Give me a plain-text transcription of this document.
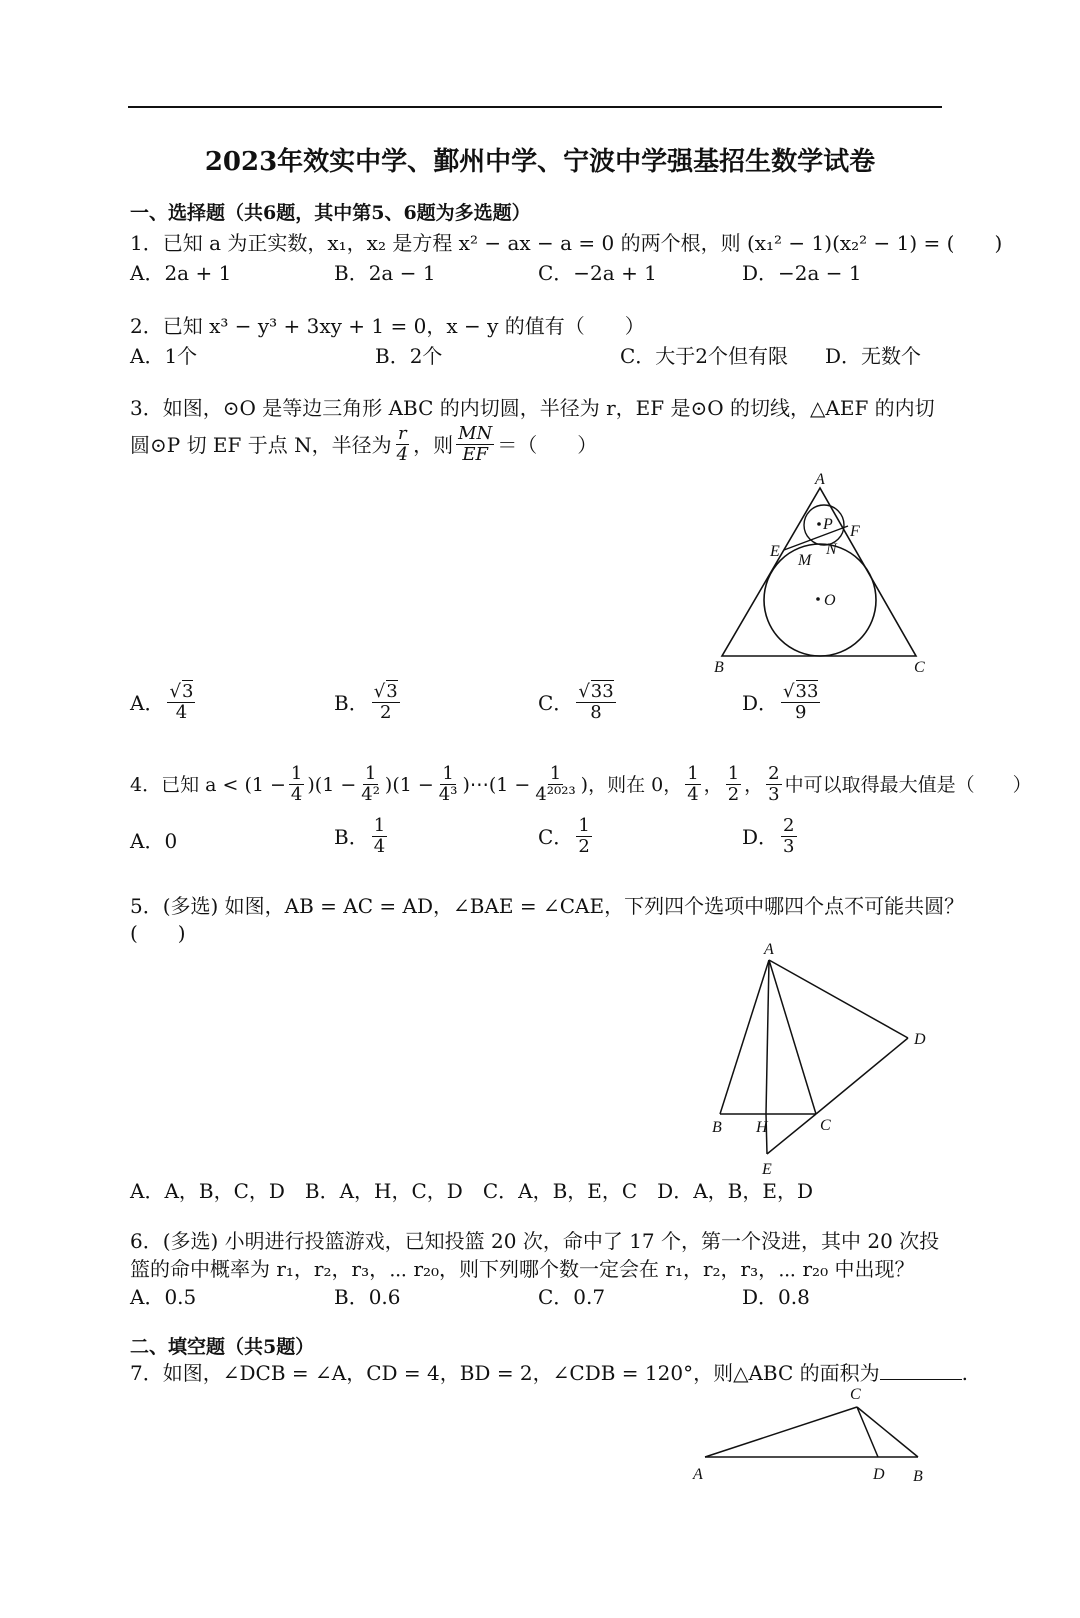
2023年效实中学、鄞州中学、宁波中学强基招生数学试卷
一、选择题（共6题，其中第5、6题为多选题）
1．已知 a 为正实数，x₁，x₂ 是方程 x² − ax − a = 0 的两个根，则 (x₁² − 1)(x₂² − 1) = (　　)
A．2a + 1	B．2a − 1	C．−2a + 1	D．−2a − 1
2．已知 x³ − y³ + 3xy + 1 = 0，x − y 的值有（　　）
A．1个	B．2个	C．大于2个但有限 D．无数个
3．如图，⊙O 是等边三角形 ABC 的内切圆，半径为 r，EF 是⊙O 的切线，△AEF 的内切
圆⊙P 切 EF 于点 N，半径为 $\frac{r}{4}$ ，则 $\frac{MN}{EF}$ ＝（　　）
A
B	C
E
F
M
N
P
O
A． $\frac{√3}{4}$	B． $\frac{√3}{2}$	C． $\frac{√33}{8}$	D． $\frac{√33}{9}$
4．已知 $a < (1 - \frac{1}{4} )(1 - \frac{1}{\text{4²}} )(1 - \frac{1}{\text{4³}}$ )⋯(1 − $\frac{1}{\text{4²⁰²³}}$ )，则在 0， $\frac{1}{4}$ ， $\frac{1}{2}$ ， $\frac{2}{3}$ 中可以取得最大值是（　　）
A．0	B． $\frac{1}{4}$	C． $\frac{1}{2}$	D． $\frac{2}{3}$
5．(多选) 如图，AB = AC = AD，∠BAE = ∠CAE，下列四个选项中哪四个点不可能共圆？
(　　)
A
B H	C
D
E
A．A，B，C，D　B．A，H，C，D　C．A，B，E，C　D．A，B，E，D
6．(多选) 小明进行投篮游戏，已知投篮 20 次，命中了 17 个，第一个没进，其中 20 次投
篮的命中概率为 r₁，r₂，r₃，⋯ r₂₀，则下列哪个数一定会在 r₁，r₂，r₃，⋯ r₂₀ 中出现？
A．0.5	B．0.6	C．0.7	D．0.8
二、填空题（共5题）
7．如图，∠DCB = ∠A，CD = 4，BD = 2，∠CDB = 120°，则△ABC 的面积为	.
C
A	D B
